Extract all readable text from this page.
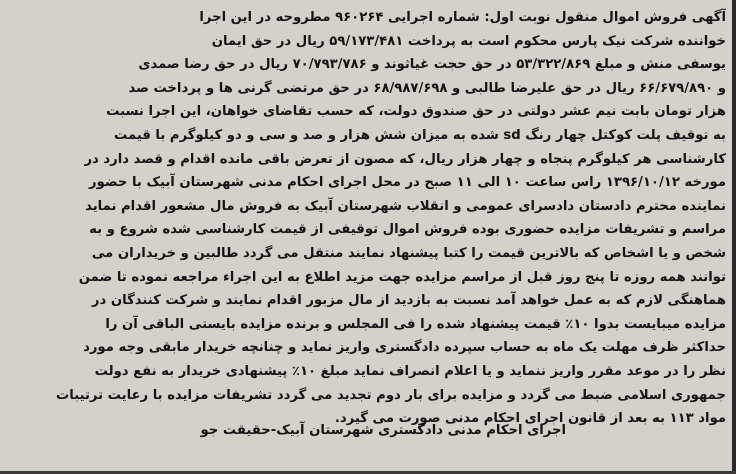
آگهی فروش اموال منقول نوبت اول: شماره اجرایی ۹۶۰۲۶۴ مطروحه در این اجرا
خواننده شرکت نیک پارس محکوم است به پرداخت ۵۹/۱۷۳/۴۸۱ ریال در حق ایمان
یوسفی منش و مبلغ ۵۳/۳۲۲/۸۶۹ در حق حجت غیاثوند و ۷۰/۷۹۳/۷۸۶ ریال در حق رضا صمدی
و ۶۶/۶۷۹/۸۹۰ ریال در حق علیرضا طالبی و ۶۸/۹۸۷/۶۹۸ در حق مرتضی گرنی ها و پرداخت صد
هزار تومان بابت نیم عشر دولتی در حق صندوق دولت، که حسب تقاضای خواهان، این اجرا نسبت
به توقیف پلت کوکتل چهار رنگ sd شده به میزان شش هزار و صد و سی و دو کیلوگرم با قیمت
کارشناسی هر کیلوگرم پنجاه و چهار هزار ریال، که مصون از تعرض باقی مانده اقدام و قصد دارد در
مورخه ۱۳۹۶/۱۰/۱۲ راس ساعت ۱۰ الی ۱۱ صبح در محل اجرای احکام مدنی شهرستان آبیک با حضور
نماینده محترم دادستان دادسرای عمومی و انقلاب شهرستان آبیک به فروش مال مشعور اقدام نماید
مراسم و تشریفات مزایده حضوری بوده فروش اموال توقیفی از قیمت کارشناسی شده شروع و به
شخص و یا اشخاص که بالاترین قیمت را کتبا پیشنهاد نمایند منتقل می گردد طالبین و خریداران می
توانند همه روزه تا پنج روز قبل از مراسم مزایده جهت مزید اطلاع به این اجراء مراجعه نموده تا ضمن
هماهنگی لازم که به عمل خواهد آمد نسبت به بازدید از مال مزبور اقدام نمایند و شرکت کنندگان در
مزایده میبایست بدوا ۱۰٪ قیمت پیشنهاد شده را فی المجلس و برنده مزایده بایستی الباقی آن را
حداکثر ظرف مهلت یک ماه به حساب سپرده دادگستری واریز نماید و چنانچه خریدار مابقی وجه مورد
نظر را در موعد مقرر واریز ننماید و یا اعلام انصراف نماید مبلغ ۱۰٪ پیشنهادی خریدار به نفع دولت
جمهوری اسلامی ضبط می گردد و مزایده برای بار دوم تجدید می گردد تشریفات مزایده با رعایت ترتیبات
مواد ۱۱۳ به بعد از قانون اجرای احکام مدنی صورت می گیرد.
اجرای احکام مدنی دادگستری شهرستان آبیک-حقیقت جو
